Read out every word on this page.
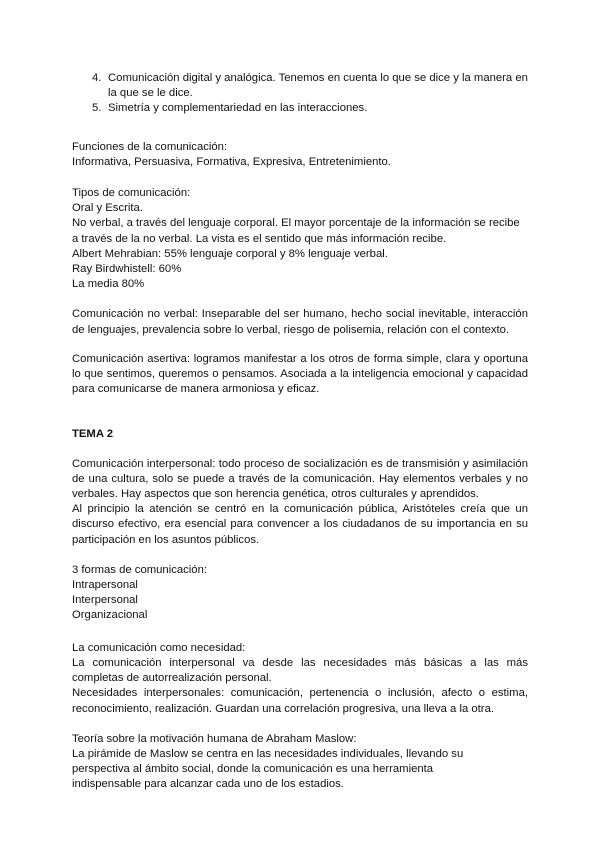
4. Comunicación digital y analógica. Tenemos en cuenta lo que se dice y la manera en la que se le dice.
5. Simetría y complementariedad en las interacciones.

Funciones de la comunicación:

Informativa, Persuasiva, Formativa, Expresiva, Entretenimiento.

Tipos de comunicación:

Oral y Escrita.

No verbal, a través del lenguaje corporal. El mayor porcentaje de la información se recibe a través de la no verbal. La vista es el sentido que más información recibe.

Albert Mehrabian: 55% lenguaje corporal y 8% lenguaje verbal.

Ray Birdwhistell: 60%

La media 80%

Comunicación no verbal: Inseparable del ser humano, hecho social inevitable, interacción de lenguajes, prevalencia sobre lo verbal, riesgo de polisemia, relación con el contexto.

Comunicación asertiva: logramos manifestar a los otros de forma simple, clara y oportuna lo que sentimos, queremos o pensamos. Asociada a la inteligencia emocional y capacidad para comunicarse de manera armoniosa y eficaz.

TEMA 2

Comunicación interpersonal: todo proceso de socialización es de transmisión y asimilación de una cultura, solo se puede a través de la comunicación. Hay elementos verbales y no verbales. Hay aspectos que son herencia genética, otros culturales y aprendidos.

Al principio la atención se centró en la comunicación pública, Aristóteles creía que un discurso efectivo, era esencial para convencer a los ciudadanos de su importancia en su participación en los asuntos públicos.

3 formas de comunicación:

Intrapersonal

Interpersonal

Organizacional

La comunicación como necesidad:

La comunicación interpersonal va desde las necesidades más básicas a las más completas de autorrealización personal.

Necesidades interpersonales: comunicación, pertenencia o inclusión, afecto o estima, reconocimiento, realización. Guardan una correlación progresiva, una lleva a la otra.

Teoría sobre la motivación humana de Abraham Maslow:

La pirámide de Maslow se centra en las necesidades individuales, llevando su

perspectiva al ámbito social, donde la comunicación es una herramienta

indispensable para alcanzar cada uno de los estadios.
